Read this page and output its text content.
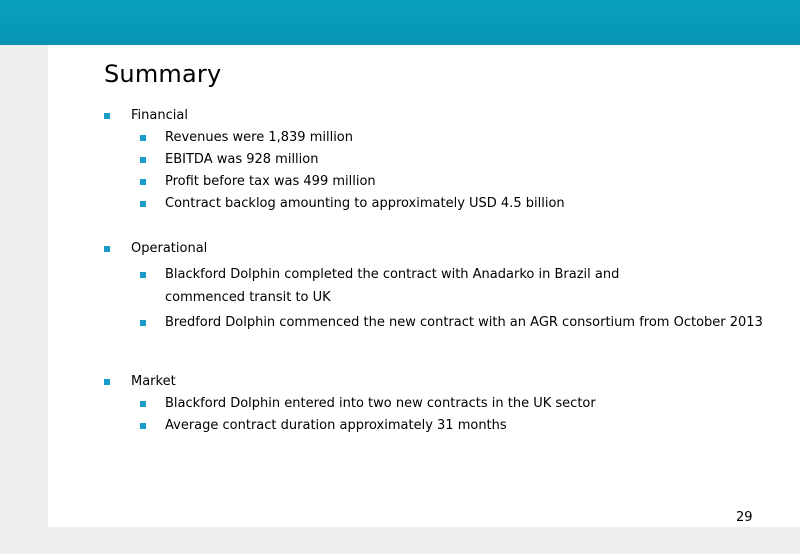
Summary
Financial
Revenues were 1,839 million
EBITDA was 928 million
Profit before tax was 499 million
Contract backlog amounting to approximately USD 4.5 billion
Operational
Blackford Dolphin completed the contract with Anadarko in Brazil and
commenced transit to UK
Bredford Dolphin commenced the new contract with an AGR consortium from October 2013
Market
Blackford Dolphin entered into two new contracts in the UK sector
Average contract duration approximately 31 months
29
